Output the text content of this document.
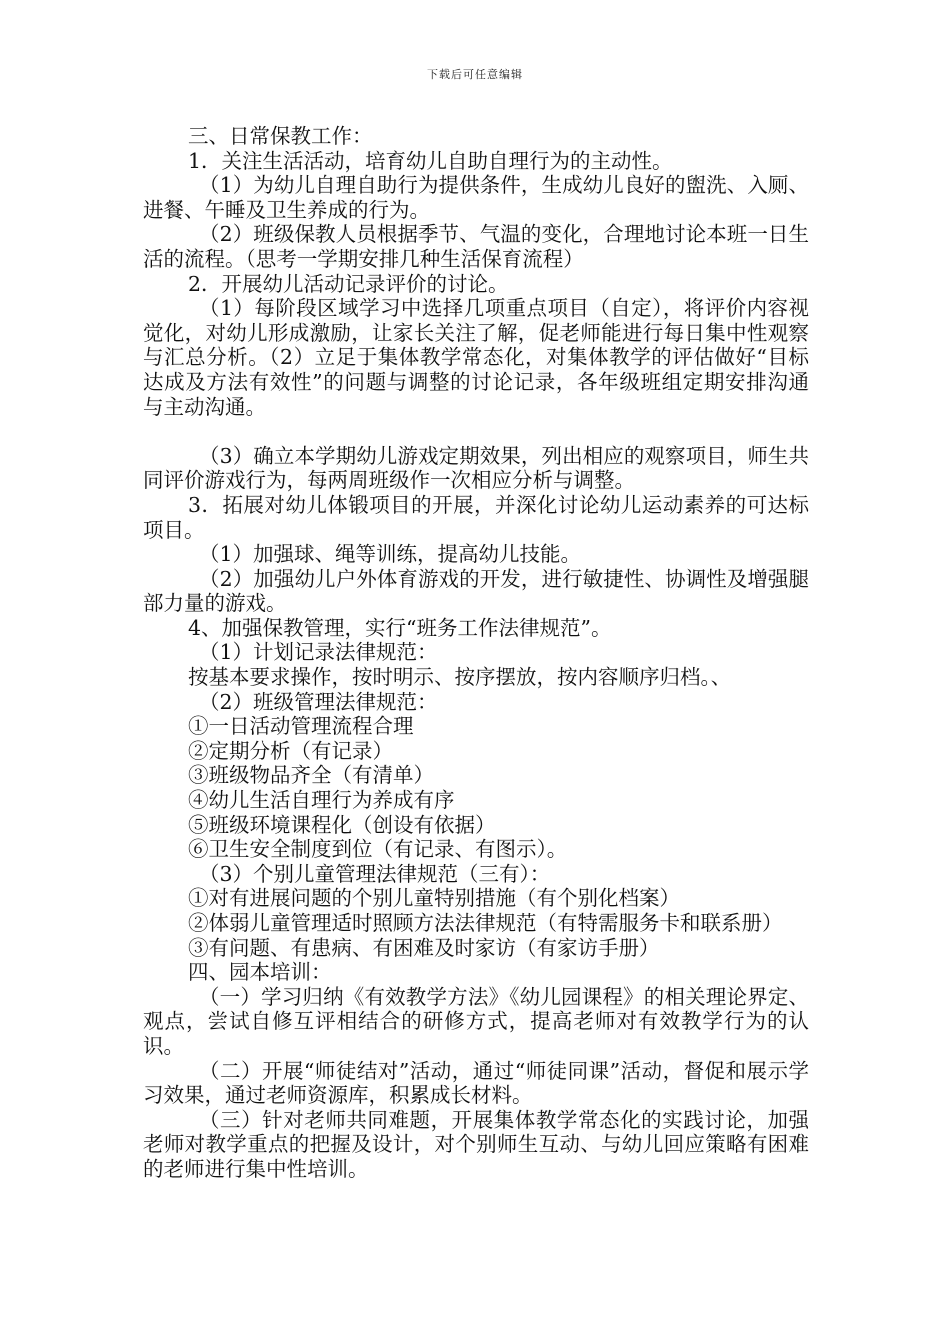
下载后可任意编辑

三、日常保教工作：

1．关注生活活动，培育幼儿自助自理行为的主动性。

（1）为幼儿自理自助行为提供条件，生成幼儿良好的盥洗、入厕、进餐、午睡及卫生养成的行为。

（2）班级保教人员根据季节、气温的变化，合理地讨论本班一日生活的流程。（思考一学期安排几种生活保育流程）

2．开展幼儿活动记录评价的讨论。

（1）每阶段区域学习中选择几项重点项目（自定），将评价内容视觉化，对幼儿形成激励，让家长关注了解，促老师能进行每日集中性观察与汇总分析。（2）立足于集体教学常态化，对集体教学的评估做好“目标达成及方法有效性”的问题与调整的讨论记录，各年级班组定期安排沟通与主动沟通。

（3）确立本学期幼儿游戏定期效果，列出相应的观察项目，师生共同评价游戏行为，每两周班级作一次相应分析与调整。

3．拓展对幼儿体锻项目的开展，并深化讨论幼儿运动素养的可达标项目。

（1）加强球、绳等训练，提高幼儿技能。

（2）加强幼儿户外体育游戏的开发，进行敏捷性、协调性及增强腿部力量的游戏。

4、加强保教管理，实行“班务工作法律规范”。

（1）计划记录法律规范：

按基本要求操作，按时明示、按序摆放，按内容顺序归档。、

（2）班级管理法律规范：

①一日活动管理流程合理

②定期分析（有记录）

③班级物品齐全（有清单）

④幼儿生活自理行为养成有序

⑤班级环境课程化（创设有依据）

⑥卫生安全制度到位（有记录、有图示）。

（3）个别儿童管理法律规范（三有）：

①对有进展问题的个别儿童特别措施（有个别化档案）

②体弱儿童管理适时照顾方法法律规范（有特需服务卡和联系册）

③有问题、有患病、有困难及时家访（有家访手册）

四、园本培训：

（一）学习归纳《有效教学方法》《幼儿园课程》的相关理论界定、观点，尝试自修互评相结合的研修方式，提高老师对有效教学行为的认识。

（二）开展“师徒结对”活动，通过“师徒同课”活动，督促和展示学习效果，通过老师资源库，积累成长材料。

（三）针对老师共同难题，开展集体教学常态化的实践讨论，加强老师对教学重点的把握及设计，对个别师生互动、与幼儿回应策略有困难的老师进行集中性培训。
